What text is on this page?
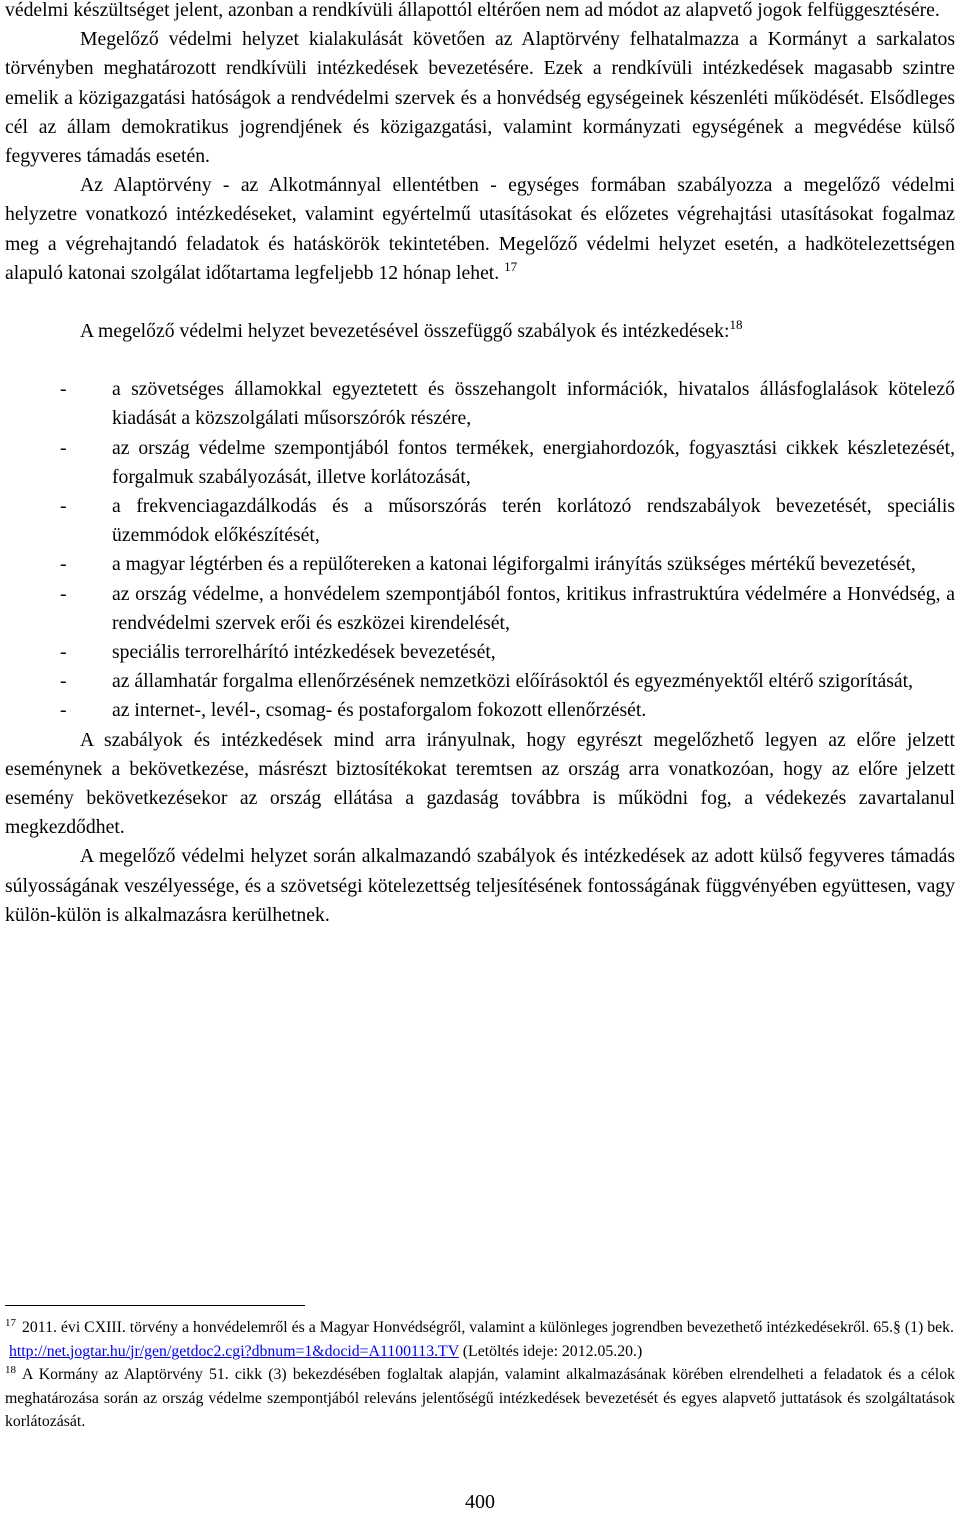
védelmi készültséget jelent, azonban a rendkívüli állapottól eltérően nem ad módot az alapvető jogok felfüggesztésére.

Megelőző védelmi helyzet kialakulását követően az Alaptörvény felhatalmazza a Kormányt a sarkalatos törvényben meghatározott rendkívüli intézkedések bevezetésére. Ezek a rendkívüli intézkedések magasabb szintre emelik a közigazgatási hatóságok a rendvédelmi szervek és a honvédség egységeinek készenléti működését. Elsődleges cél az állam demokratikus jogrendjének és közigazgatási, valamint kormányzati egységének a megvédése külső fegyveres támadás esetén.

Az Alaptörvény - az Alkotmánnyal ellentétben - egységes formában szabályozza a megelőző védelmi helyzetre vonatkozó intézkedéseket, valamint egyértelmű utasításokat és előzetes végrehajtási utasításokat fogalmaz meg a végrehajtandó feladatok és hatáskörök tekintetében. Megelőző védelmi helyzet esetén, a hadkötelezettségen alapuló katonai szolgálat időtartama legfeljebb 12 hónap lehet. $^{17}$

A megelőző védelmi helyzet bevezetésével összefüggő szabályok és intézkedések:$^{18}$

- a szövetséges államokkal egyeztetett és összehangolt információk, hivatalos állásfoglalások kötelező kiadását a közszolgálati műsorszórók részére,
- az ország védelme szempontjából fontos termékek, energiahordozók, fogyasztási cikkek készletezését, forgalmuk szabályozását, illetve korlátozását,
- a frekvenciagazdálkodás és a műsorszórás terén korlátozó rendszabályok bevezetését, speciális üzemmódok előkészítését,
- a magyar légtérben és a repülőtereken a katonai légiforgalmi irányítás szükséges mértékű bevezetését,
- az ország védelme, a honvédelem szempontjából fontos, kritikus infrastruktúra védelmére a Honvédség, a rendvédelmi szervek erői és eszközei kirendelését,
- speciális terrorelhárító intézkedések bevezetését,
- az államhatár forgalma ellenőrzésének nemzetközi előírásoktól és egyezményektől eltérő szigorítását,
- az internet-, levél-, csomag- és postaforgalom fokozott ellenőrzését.

A szabályok és intézkedések mind arra irányulnak, hogy egyrészt megelőzhető legyen az előre jelzett eseménynek a bekövetkezése, másrészt biztosítékokat teremtsen az ország arra vonatkozóan, hogy az előre jelzett esemény bekövetkezésekor az ország ellátása a gazdaság továbbra is működni fog, a védekezés zavartalanul megkezdődhet.

A megelőző védelmi helyzet során alkalmazandó szabályok és intézkedések az adott külső fegyveres támadás súlyosságának veszélyessége, és a szövetségi kötelezettség teljesítésének fontosságának függvényében együttesen, vagy külön-külön is alkalmazásra kerülhetnek.

$^{17}$ 2011. évi CXIII. törvény a honvédelemről és a Magyar Honvédségről, valamint a különleges jogrendben bevezethető intézkedésekről. 65.§ (1) bek.

http://net.jogtar.hu/jr/gen/getdoc2.cgi?dbnum=1&docid=A1100113.TV (Letöltés ideje: 2012.05.20.)

$^{18}$ A Kormány az Alaptörvény 51. cikk (3) bekezdésében foglaltak alapján, valamint alkalmazásának körében elrendelheti a feladatok és a célok meghatározása során az ország védelme szempontjából releváns jelentőségű intézkedések bevezetését és egyes alapvető juttatások és szolgáltatások korlátozását.

400
